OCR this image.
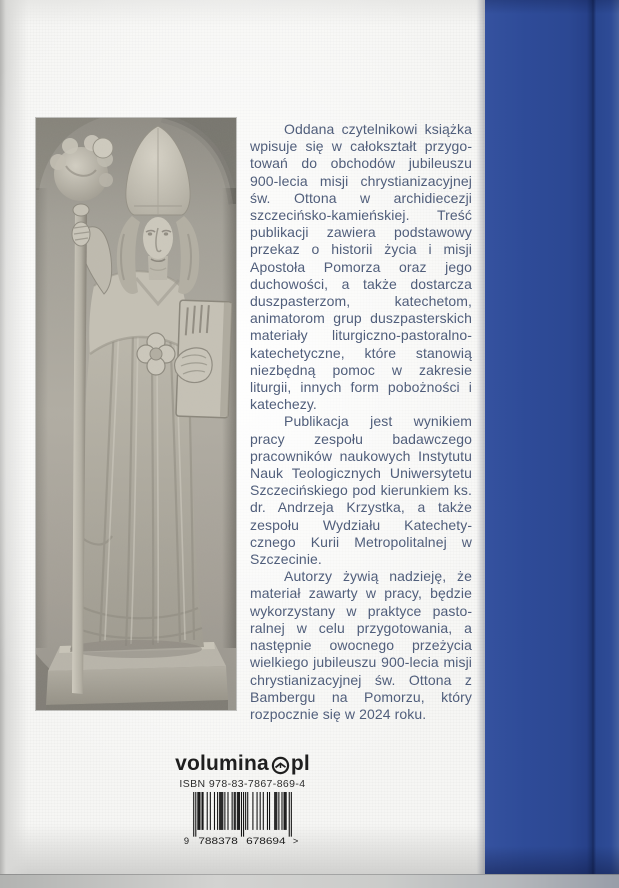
Oddana czytelnikowi książka wpisuje się w całokształt przygotowań do obchodów jubileuszu 900-lecia misji chrystianizacyjnej św. Ottona w archidiecezji szczecińsko-kamieńskiej. Treść publikacji zawiera podstawowy przekaz o historii życia i misji Apostoła Pomorza oraz jego duchowości, a także dostarcza duszpasterzom, katechetom, animatorom grup duszpasterskich materiały liturgiczno-pastoralno-katechetyczne, które stanowią niezbędną pomoc w zakresie liturgii, innych form pobożności i katechezy.

Publikacja jest wynikiem pracy zespołu badawczego pracowników naukowych Instytutu Nauk Teologicznych Uniwersytetu Szczecińskiego pod kierunkiem ks. dr. Andrzeja Krzystka, a także zespołu Wydziału Katechetycznego Kurii Metropolitalnej w Szczecinie.

Autorzy żywią nadzieję, że materiał zawarty w pracy, będzie wykorzystany w praktyce pastoralnej w celu przygotowania, a następnie owocnego przeżycia wielkiego jubileuszu 900-lecia misji chrystianizacyjnej św. Ottona z Bambergu na Pomorzu, który rozpocznie się w 2024 roku.

volumina pl
ISBN 978-83-7867-869-4
9 788378 678694 >
